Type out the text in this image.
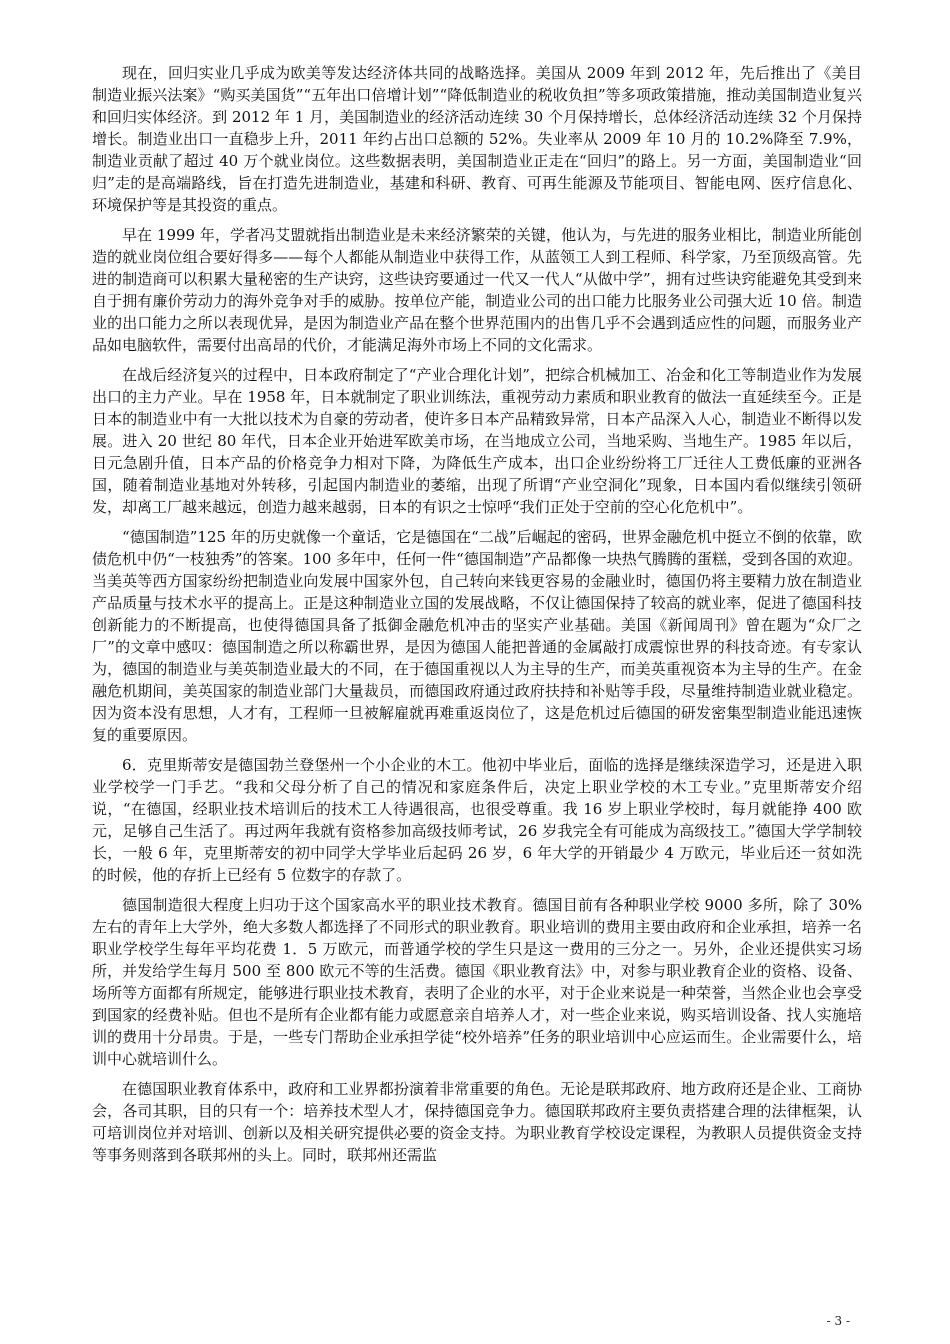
现在，回归实业几乎成为欧美等发达经济体共同的战略选择。美国从 2009 年到 2012 年，先后推出了《美目制造业振兴法案》“购买美国货”“五年出口倍增计划”“降低制造业的税收负担”等多项政策措施，推动美国制造业复兴和回归实体经济。到 2012 年 1 月，美国制造业的经济活动连续 30 个月保持增长，总体经济活动连续 32 个月保持增长。制造业出口一直稳步上升，2011 年约占出口总额的 52%。失业率从 2009 年 10 月的 10.2%降至 7.9%，制造业贡献了超过 40 万个就业岗位。这些数据表明，美国制造业正走在“回归”的路上。另一方面，美国制造业“回归”走的是高端路线，旨在打造先进制造业，基建和科研、教育、可再生能源及节能项目、智能电网、医疗信息化、环境保护等是其投资的重点。

早在 1999 年，学者冯艾盟就指出制造业是未来经济繁荣的关键，他认为，与先进的服务业相比，制造业所能创造的就业岗位组合要好得多——每个人都能从制造业中获得工作，从蓝领工人到工程师、科学家，乃至顶级高管。先进的制造商可以积累大量秘密的生产诀窍，这些诀窍要通过一代又一代人“从做中学”，拥有过些诀窍能避免其受到来自于拥有廉价劳动力的海外竞争对手的威胁。按单位产能，制造业公司的出口能力比服务业公司强大近 10 倍。制造业的出口能力之所以表现优异，是因为制造业产品在整个世界范围内的出售几乎不会遇到适应性的问题，而服务业产品如电脑软件，需要付出高昂的代价，才能满足海外市场上不同的文化需求。

在战后经济复兴的过程中，日本政府制定了“产业合理化计划”，把综合机械加工、冶金和化工等制造业作为发展出口的主力产业。早在 1958 年，日本就制定了职业训练法，重视劳动力素质和职业教育的做法一直延续至今。正是日本的制造业中有一大批以技术为自豪的劳动者，使许多日本产品精致异常，日本产品深入人心，制造业不断得以发展。进入 20 世纪 80 年代，日本企业开始进军欧美市场，在当地成立公司，当地采购、当地生产。1985 年以后，日元急剧升值，日本产品的价格竞争力相对下降，为降低生产成本，出口企业纷纷将工厂迁往人工费低廉的亚洲各国，随着制造业基地对外转移，引起国内制造业的萎缩，出现了所谓“产业空洞化”现象，日本国内看似继续引领研发，却离工厂越来越远，创造力越来越弱，日本的有识之士惊呼“我们正处于空前的空心化危机中”。

“德国制造”125 年的历史就像一个童话，它是德国在“二战”后崛起的密码，世界金融危机中挺立不倒的依靠，欧债危机中仍“一枝独秀”的答案。100 多年中，任何一件“德国制造”产品都像一块热气腾腾的蛋糕，受到各国的欢迎。当美英等西方国家纷纷把制造业向发展中国家外包，自己转向来钱更容易的金融业时，德国仍将主要精力放在制造业产品质量与技术水平的提高上。正是这种制造业立国的发展战略，不仅让德国保持了较高的就业率，促进了德国科技创新能力的不断提高，也使得德国具备了抵御金融危机冲击的坚实产业基础。美国《新闻周刊》曾在题为“众厂之厂”的文章中感叹：德国制造之所以称霸世界，是因为德国人能把普通的金属敲打成震惊世界的科技奇迹。有专家认为，德国的制造业与美英制造业最大的不同，在于德国重视以人为主导的生产，而美英重视资本为主导的生产。在金融危机期间，美英国家的制造业部门大量裁员，而德国政府通过政府扶持和补贴等手段，尽量维持制造业就业稳定。因为资本没有思想，人才有，工程师一旦被解雇就再难重返岗位了，这是危机过后德国的研发密集型制造业能迅速恢复的重要原因。

6．克里斯蒂安是德国勃兰登堡州一个小企业的木工。他初中毕业后，面临的选择是继续深造学习，还是进入职业学校学一门手艺。“我和父母分析了自己的情况和家庭条件后，决定上职业学校的木工专业。”克里斯蒂安介绍说，“在德国，经职业技术培训后的技术工人待遇很高，也很受尊重。我 16 岁上职业学校时，每月就能挣 400 欧元，足够自己生活了。再过两年我就有资格参加高级技师考试，26 岁我完全有可能成为高级技工。”德国大学学制较长，一般 6 年，克里斯蒂安的初中同学大学毕业后起码 26 岁，6 年大学的开销最少 4 万欧元，毕业后还一贫如洗的时候，他的存折上已经有 5 位数字的存款了。

德国制造很大程度上归功于这个国家高水平的职业技术教育。德国目前有各种职业学校 9000 多所，除了 30%左右的青年上大学外，绝大多数人都选择了不同形式的职业教育。职业培训的费用主要由政府和企业承担，培养一名职业学校学生每年平均花费 1．5 万欧元，而普通学校的学生只是这一费用的三分之一。另外，企业还提供实习场所，并发给学生每月 500 至 800 欧元不等的生活费。德国《职业教育法》中，对参与职业教育企业的资格、设备、场所等方面都有所规定，能够进行职业技术教育，表明了企业的水平，对于企业来说是一种荣誉，当然企业也会享受到国家的经费补贴。但也不是所有企业都有能力或愿意亲自培养人才，对一些企业来说，购买培训设备、找人实施培训的费用十分昂贵。于是，一些专门帮助企业承担学徒“校外培养”任务的职业培训中心应运而生。企业需要什么，培训中心就培训什么。

在德国职业教育体系中，政府和工业界都扮演着非常重要的角色。无论是联邦政府、地方政府还是企业、工商协会，各司其职，目的只有一个：培养技术型人才，保持德国竞争力。德国联邦政府主要负责搭建合理的法律框架，认可培训岗位并对培训、创新以及相关研究提供必要的资金支持。为职业教育学校设定课程，为教职人员提供资金支持等事务则落到各联邦州的头上。同时，联邦州还需监

- 3 -
